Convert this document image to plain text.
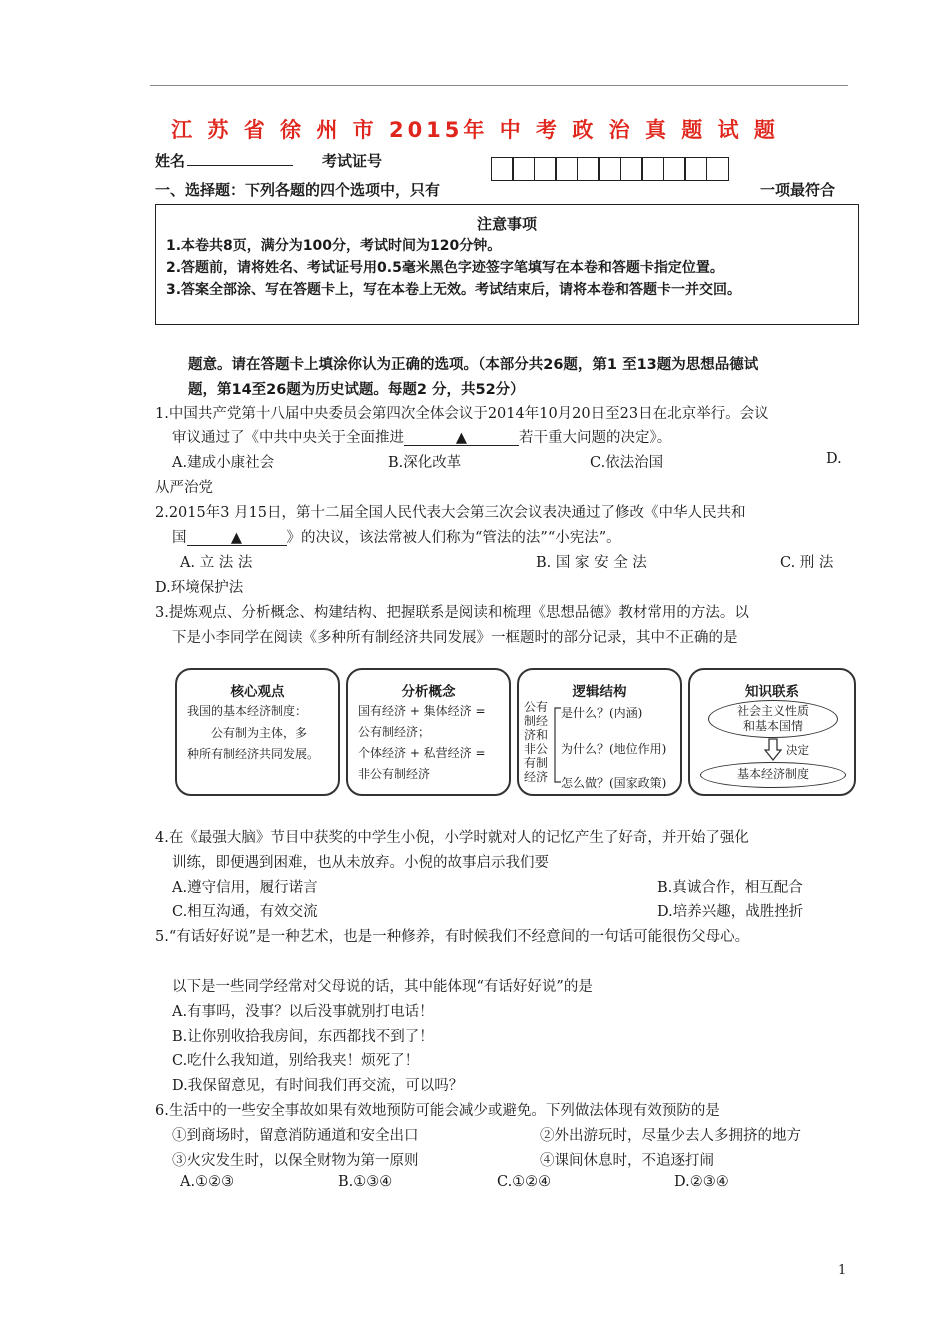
江 苏 省 徐 州 市 2015年 中 考 政 治 真 题 试 题
姓名	考试证号
一、选择题：下列各题的四个选项中，只有	一项最符合
注意事项
1.本卷共8页，满分为100分，考试时间为120分钟。
2.答题前，请将姓名、考试证号用0.5毫米黑色字迹签字笔填写在本卷和答题卡指定位置。
3.答案全部涂、写在答题卡上，写在本卷上无效。考试结束后，请将本卷和答题卡一并交回。
题意。请在答题卡上填涂你认为正确的选项。（本部分共26题，第1 至13题为思想品德试
题，第14至26题为历史试题。每题2 分，共52分）
1.中国共产党第十八届中央委员会第四次全体会议于2014年10月20日至23日在北京举行。会议
审议通过了《中共中央关于全面推进	▲	若干重大问题的决定》。
A.建成小康社会	B.深化改革	C.依法治国	D.
从严治党
2.2015年3 月15日，第十二届全国人民代表大会第三次会议表决通过了修改《中华人民共和
国	▲	》的决议，该法常被人们称为“管法的法”“小宪法”。
A. 立 法 法	B. 国 家 安 全 法	C. 刑 法
D.环境保护法
3.提炼观点、分析概念、构建结构、把握联系是阅读和梳理《思想品德》教材常用的方法。以
下是小李同学在阅读《多种所有制经济共同发展》一框题时的部分记录，其中不正确的是
核心观点
我国的基本经济制度：
公有制为主体，多
种所有制经济共同发展。
分析概念
国有经济 + 集体经济 =
公有制经济；
个体经济 + 私营经济 =
非公有制经济
逻辑结构
公有
制经
济和
非公
有制
经济
是什么？(内涵)
为什么？(地位作用)
怎么做？(国家政策)
知识联系
社会主义性质
和基本国情
决定
基本经济制度
4.在《最强大脑》节目中获奖的中学生小倪，小学时就对人的记忆产生了好奇，并开始了强化
训练，即便遇到困难，也从未放弃。小倪的故事启示我们要
A.遵守信用，履行诺言	B.真诚合作，相互配合
C.相互沟通，有效交流	D.培养兴趣，战胜挫折
5.“有话好好说”是一种艺术，也是一种修养，有时候我们不经意间的一句话可能很伤父母心。
以下是一些同学经常对父母说的话，其中能体现“有话好好说”的是
A.有事吗，没事？以后没事就别打电话！
B.让你别收拾我房间，东西都找不到了！
C.吃什么我知道，别给我夹！烦死了！
D.我保留意见，有时间我们再交流，可以吗？
6.生活中的一些安全事故如果有效地预防可能会减少或避免。下列做法体现有效预防的是
①到商场时，留意消防通道和安全出口	②外出游玩时，尽量少去人多拥挤的地方
③火灾发生时，以保全财物为第一原则	④课间休息时，不追逐打闹
A.①②③	B.①③④	C.①②④	D.②③④
1
